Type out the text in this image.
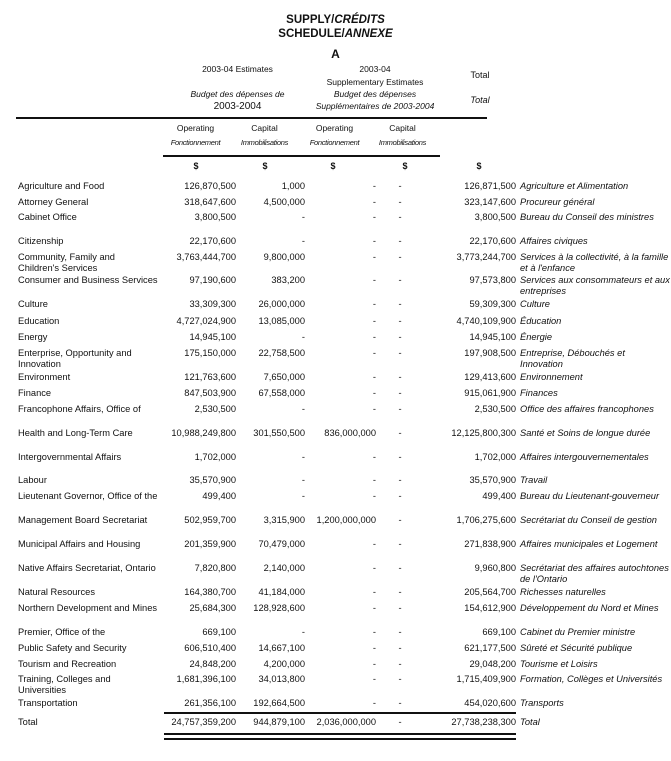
SUPPLY/CRÉDITS
SCHEDULE/ANNEXE
A
2003-04 Estimates
Budget des dépenses de
2003-2004
2003-04
Supplementary Estimates
Budget des dépenses
Supplémentaires de 2003-2004
Total
Total
Operating
Fonctionnement
Capital
Immobilisations
Operating
Fonctionnement
Capital
Immobilisations
$	$	$	$	$
Agriculture and Food	126,870,500	1,000	-	-	126,871,500 Agriculture et Alimentation
Attorney General	318,647,600	4,500,000	-	-	323,147,600 Procureur général
Cabinet Office	3,800,500	-	-	-	3,800,500 Bureau du Conseil des ministres
Citizenship	22,170,600	-	-	-	22,170,600 Affaires civiques
Community, Family and Children's Services
3,763,444,700	9,800,000	-	-	3,773,244,700 Services à la collectivité, à la famille et à l'enfance
Consumer and Business Services	97,190,600	383,200	-	-	97,573,800 Services aux consommateurs et aux entreprises
Culture	33,309,300	26,000,000	-	-	59,309,300 Culture
Education	4,727,024,900	13,085,000	-	-	4,740,109,900 Éducation
Energy	14,945,100	-	-	-	14,945,100 Énergie
Enterprise, Opportunity and Innovation
175,150,000	22,758,500	-	-	197,908,500 Entreprise, Débouchés et Innovation
Environment	121,763,600	7,650,000	-	-	129,413,600 Environnement
Finance	847,503,900	67,558,000	-	-	915,061,900 Finances
Francophone Affairs, Office of	2,530,500	-	-	-	2,530,500 Office des affaires francophones
Health and Long-Term Care	10,988,249,800	301,550,500	836,000,000	-	12,125,800,300 Santé et Soins de longue durée
Intergovernmental Affairs	1,702,000	-	-	-	1,702,000 Affaires intergouvernementales
Labour	35,570,900	-	-	-	35,570,900 Travail
Lieutenant Governor, Office of the	499,400	-	-	-	499,400 Bureau du Lieutenant-gouverneur
Management Board Secretariat	502,959,700	3,315,900	1,200,000,000	-	1,706,275,600 Secrétariat du Conseil de gestion
Municipal Affairs and Housing	201,359,900	70,479,000	-	-	271,838,900 Affaires municipales et Logement
Native Affairs Secretariat, Ontario	7,820,800	2,140,000	-	-	9,960,800 Secrétariat des affaires autochtones de l'Ontario
Natural Resources	164,380,700	41,184,000	-	-	205,564,700 Richesses naturelles
Northern Development and Mines	25,684,300	128,928,600	-	-	154,612,900 Développement du Nord et Mines
Premier, Office of the	669,100	-	-	-	669,100 Cabinet du Premier ministre
Public Safety and Security	606,510,400	14,667,100	-	-	621,177,500 Sûreté et Sécurité publique
Tourism and Recreation	24,848,200	4,200,000	-	-	29,048,200 Tourisme et Loisirs
Training, Colleges and Universities
1,681,396,100	34,013,800	-	-	1,715,409,900 Formation, Collèges et Universités
Transportation	261,356,100	192,664,500	-	-	454,020,600 Transports
Total	24,757,359,200	944,879,100	2,036,000,000	-	27,738,238,300 Total
